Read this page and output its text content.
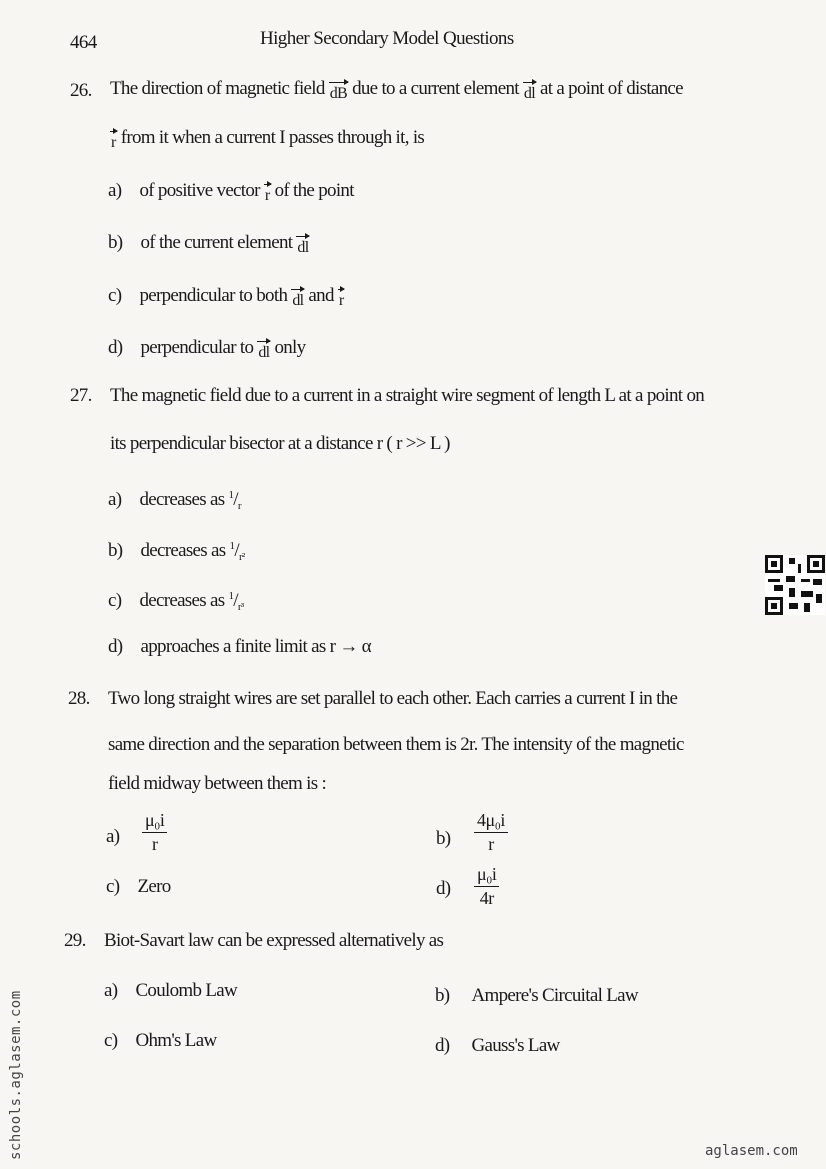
464	Higher Secondary Model Questions
26. The direction of magnetic field dB due to a current element dl at a point of distance
r from it when a current I passes through it, is
a) of positive vector r of the point
b) of the current element dl
c) perpendicular to both dl and r
d) perpendicular to dl only
27. The magnetic field due to a current in a straight wire segment of length L at a point on
its perpendicular bisector at a distance r ( r >> L )
a) decreases as $^1/_r$
b) decreases as $^1/_{r^2}$
c) decreases as $^1/_{r^3}$
d) approaches a finite limit as r → α
28. Two long straight wires are set parallel to each other. Each carries a current I in the
same direction and the separation between them is 2r. The intensity of the magnetic
field midway between them is :
$a) \frac{\text{μ₀i}}{r}$	$b) \frac{\text{4μ₀i}}{r}$
c) Zero	$d) \frac{\text{μ₀i}}{4r}$
29. Biot-Savart law can be expressed alternatively as
a) Coulomb Law	b) Ampere's Circuital Law
c) Ohm's Law	d) Gauss's Law
schools.aglasem.com	aglasem.com
